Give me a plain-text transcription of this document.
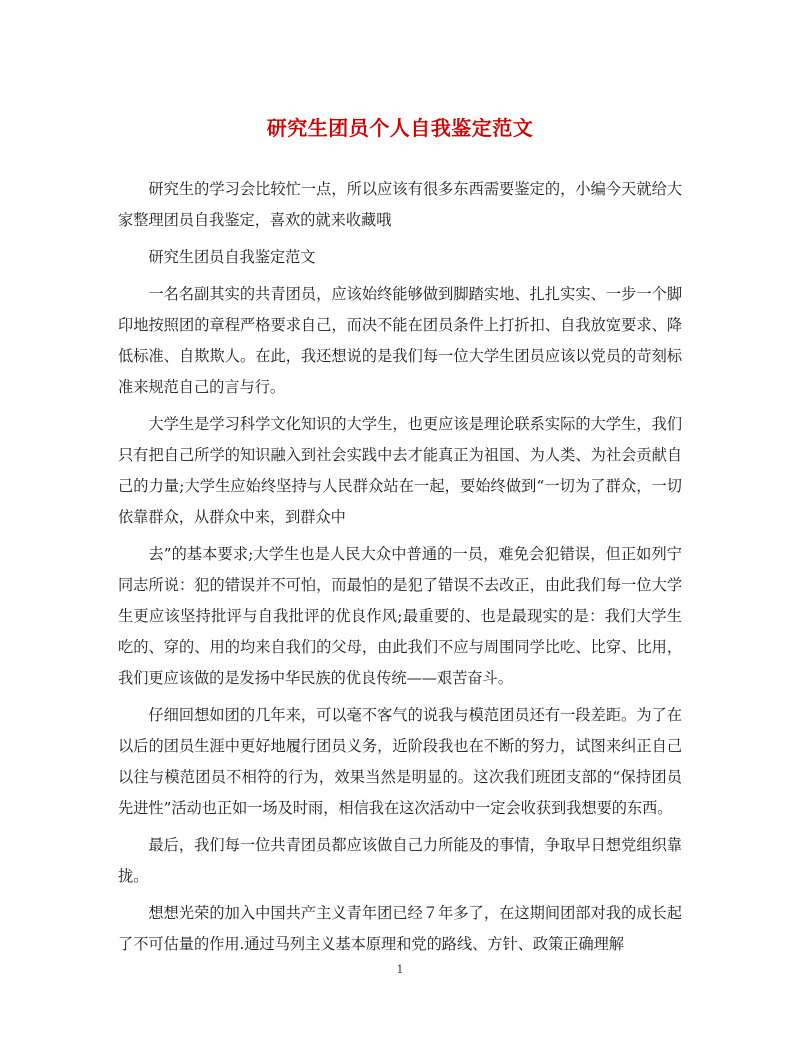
研究生团员个人自我鉴定范文

研究生的学习会比较忙一点，所以应该有很多东西需要鉴定的，小编今天就给大家整理团员自我鉴定，喜欢的就来收藏哦

研究生团员自我鉴定范文

一名名副其实的共青团员，应该始终能够做到脚踏实地、扎扎实实、一步一个脚印地按照团的章程严格要求自己，而决不能在团员条件上打折扣、自我放宽要求、降低标准、自欺欺人。在此，我还想说的是我们每一位大学生团员应该以党员的苛刻标准来规范自己的言与行。

大学生是学习科学文化知识的大学生，也更应该是理论联系实际的大学生，我们只有把自己所学的知识融入到社会实践中去才能真正为祖国、为人类、为社会贡献自己的力量;大学生应始终坚持与人民群众站在一起，要始终做到“一切为了群众，一切依靠群众，从群众中来，到群众中

去”的基本要求;大学生也是人民大众中普通的一员，难免会犯错误，但正如列宁同志所说：犯的错误并不可怕，而最怕的是犯了错误不去改正，由此我们每一位大学生更应该坚持批评与自我批评的优良作风;最重要的、也是最现实的是：我们大学生吃的、穿的、用的均来自我们的父母，由此我们不应与周围同学比吃、比穿、比用，我们更应该做的是发扬中华民族的优良传统——艰苦奋斗。

仔细回想如团的几年来，可以毫不客气的说我与模范团员还有一段差距。为了在以后的团员生涯中更好地履行团员义务，近阶段我也在不断的努力，试图来纠正自己以往与模范团员不相符的行为，效果当然是明显的。这次我们班团支部的“保持团员先进性”活动也正如一场及时雨，相信我在这次活动中一定会收获到我想要的东西。

最后，我们每一位共青团员都应该做自己力所能及的事情，争取早日想党组织靠拢。

想想光荣的加入中国共产主义青年团已经７年多了，在这期间团部对我的成长起了不可估量的作用.通过马列主义基本原理和党的路线、方针、政策正确理解

1
